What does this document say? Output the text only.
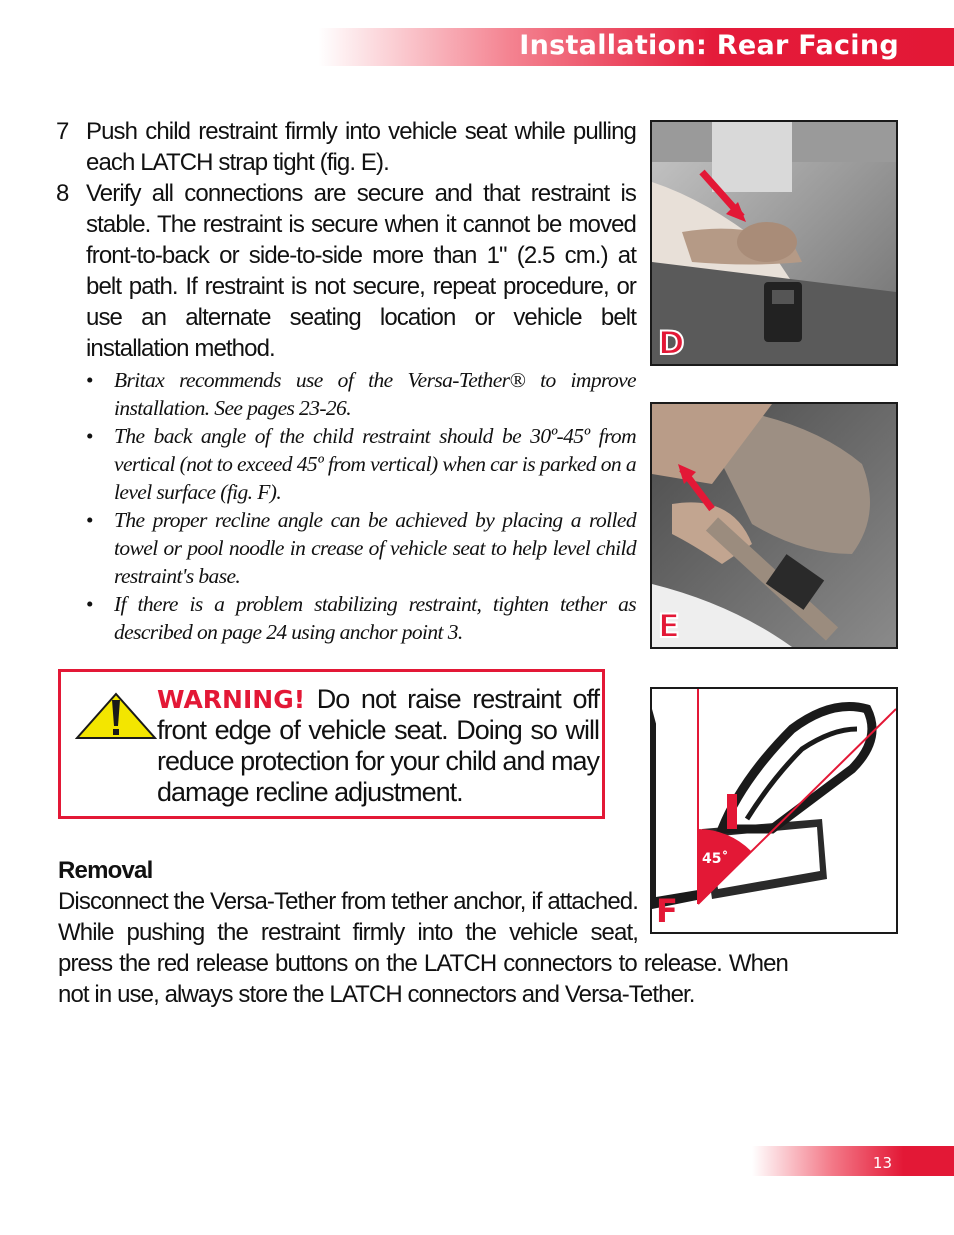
Installation: Rear Facing
7 Push child restraint firmly into vehicle seat while pulling each LATCH strap tight (fig. E).
8 Verify all connections are secure and that restraint is stable. The restraint is secure when it cannot be moved front-to-back or side-to-side more than 1" (2.5 cm.) at belt path. If restraint is not secure, repeat procedure, or use an alternate seating location or vehicle belt installation method.
• Britax recommends use of the Versa-Tether® to improve installation. See pages 23-26.
• The back angle of the child restraint should be 30º-45º from vertical (not to exceed 45º from vertical) when car is parked on a level surface (fig. F).
• The proper recline angle can be achieved by placing a rolled towel or pool noodle in crease of vehicle seat to help level child restraint's base.
• If there is a problem stabilizing restraint, tighten tether as described on page 24 using anchor point 3.
D
E
45˚
F
WARNING! Do not raise restraint off front edge of vehicle seat. Doing so will reduce protection for your child and may damage recline adjustment.
Removal
Disconnect the Versa-Tether from tether anchor, if attached. While pushing the restraint firmly into the vehicle seat, press the red release buttons on the LATCH connectors to release. When not in use, always store the LATCH connectors and Versa-Tether.
13
